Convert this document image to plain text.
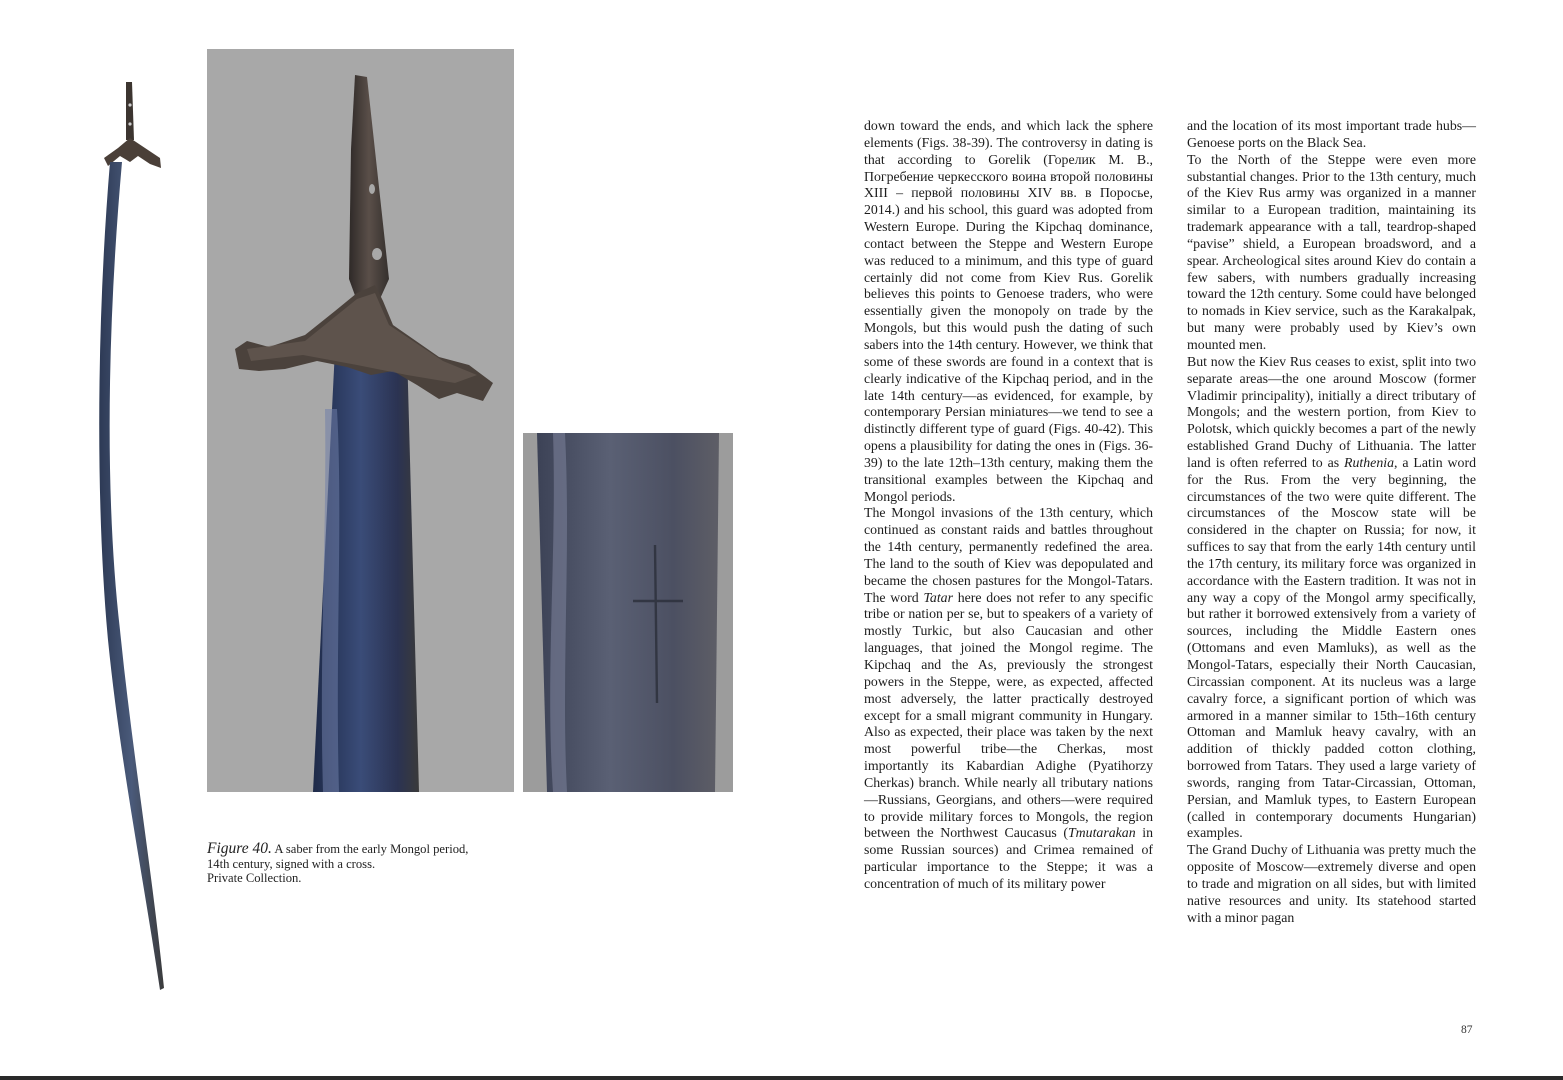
Figure 40. A saber from the early Mongol period,
14th century, signed with a cross.
Private Collection.

down toward the ends, and which lack the sphere elements (Figs. 38-39). The controversy in dating is that according to Gorelik (Горелик М. В., Погребение черкесского воина второй половины XIII – первой половины XIV вв. в Поросье, 2014.) and his school, this guard was adopted from Western Europe. During the Kipchaq dominance, contact between the Steppe and Western Europe was reduced to a minimum, and this type of guard certainly did not come from Kiev Rus. Gorelik believes this points to Genoese traders, who were essentially given the monopoly on trade by the Mongols, but this would push the dating of such sabers into the 14th century. However, we think that some of these swords are found in a context that is clearly indicative of the Kipchaq period, and in the late 14th century—as evidenced, for example, by contemporary Persian miniatures—we tend to see a distinctly different type of guard (Figs. 40-42). This opens a plausibility for dating the ones in (Figs. 36-39) to the late 12th–13th century, making them the transitional examples between the Kipchaq and Mongol periods.

The Mongol invasions of the 13th century, which continued as constant raids and battles throughout the 14th century, permanently redefined the area. The land to the south of Kiev was depopulated and became the chosen pastures for the Mongol-Tatars. The word Tatar here does not refer to any specific tribe or nation per se, but to speakers of a variety of mostly Turkic, but also Caucasian and other languages, that joined the Mongol regime. The Kipchaq and the As, previously the strongest powers in the Steppe, were, as expected, affected most adversely, the latter practically destroyed except for a small migrant community in Hungary. Also as expected, their place was taken by the next most powerful tribe—the Cherkas, most importantly its Kabardian Adighe (Pyatihorzy Cherkas) branch. While nearly all tributary nations—Russians, Georgians, and others—were required to provide military forces to Mongols, the region between the Northwest Caucasus (Tmutarakan in some Russian sources) and Crimea remained of particular importance to the Steppe; it was a concentration of much of its military power

and the location of its most important trade hubs—Genoese ports on the Black Sea.

To the North of the Steppe were even more substantial changes. Prior to the 13th century, much of the Kiev Rus army was organized in a manner similar to a European tradition, maintaining its trademark appearance with a tall, teardrop-shaped “pavise” shield, a European broadsword, and a spear. Archeological sites around Kiev do contain a few sabers, with numbers gradually increasing toward the 12th century. Some could have belonged to nomads in Kiev service, such as the Karakalpak, but many were probably used by Kiev’s own mounted men.

But now the Kiev Rus ceases to exist, split into two separate areas—the one around Moscow (former Vladimir principality), initially a direct tributary of Mongols; and the western portion, from Kiev to Polotsk, which quickly becomes a part of the newly established Grand Duchy of Lithuania. The latter land is often referred to as Ruthenia, a Latin word for the Rus. From the very beginning, the circumstances of the two were quite different. The circumstances of the Moscow state will be considered in the chapter on Russia; for now, it suffices to say that from the early 14th century until the 17th century, its military force was organized in accordance with the Eastern tradition. It was not in any way a copy of the Mongol army specifically, but rather it borrowed extensively from a variety of sources, including the Middle Eastern ones (Ottomans and even Mamluks), as well as the Mongol-Tatars, especially their North Caucasian, Circassian component. At its nucleus was a large cavalry force, a significant portion of which was armored in a manner similar to 15th–16th century Ottoman and Mamluk heavy cavalry, with an addition of thickly padded cotton clothing, borrowed from Tatars. They used a large variety of swords, ranging from Tatar-Circassian, Ottoman, Persian, and Mamluk types, to Eastern European (called in contemporary documents Hungarian) examples.

The Grand Duchy of Lithuania was pretty much the opposite of Moscow—extremely diverse and open to trade and migration on all sides, but with limited native resources and unity. Its statehood started with a minor pagan

87
